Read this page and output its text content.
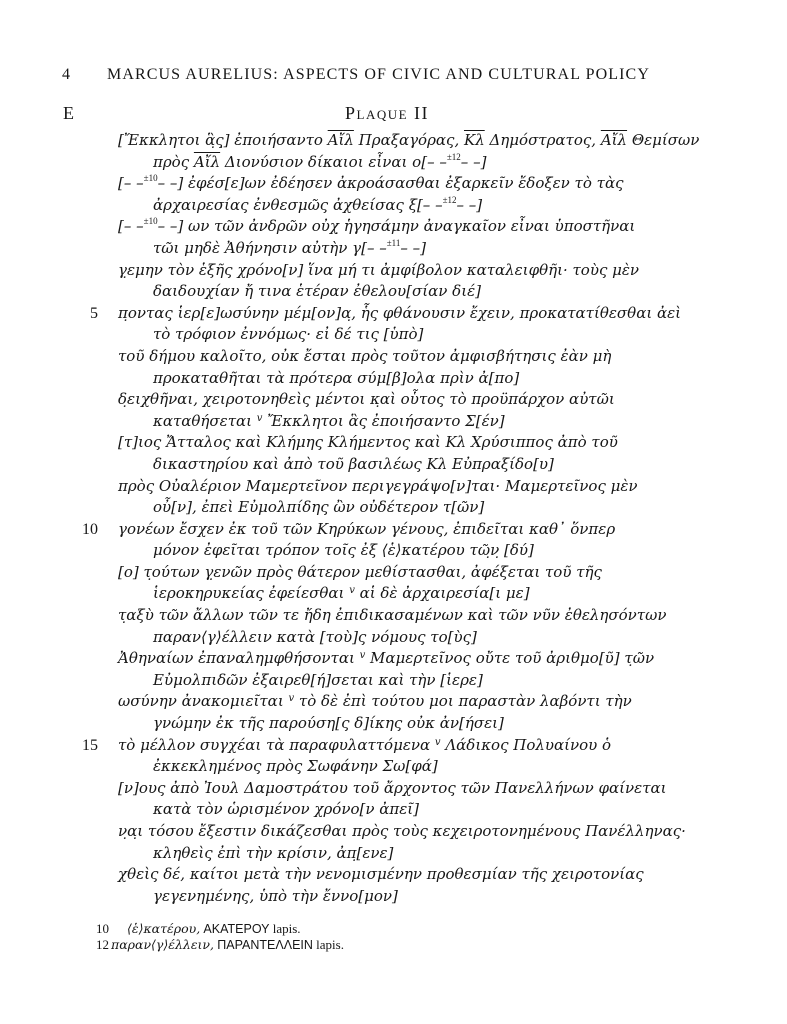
4 MARCUS AURELIUS: ASPECTS OF CIVIC AND CULTURAL POLICY
E	Plaque II
[Ἔκκλητοι ἃ̣ς̣] ἐποιήσαντο $\overline{Aἴ\lambda}$ Πραξαγόρας, $\overline{K\lambda}$ Δημόστρατος, $\overline{Aἴ\lambda}$ Θεμίσων
πρὸς $\overline{Aἴ\lambda}$ Διονύσιον δίκαιοι εἶναι ο[– –$^{\pm 12}$– –]
[– –$^{\pm 10}$– –] ἐφέσ[ε]ων ἐδέησεν ἀκροάσασθαι ἐξαρκεῖν ἔδοξεν τὸ τὰς
ἀρχαιρεσίας ἐνθεσμῶς ἀχθείσας ξ[– –$^{\pm 12}$– –]
[– –$^{\pm 10}$– –] ων τῶν ἀνδρῶν οὐχ̣ ἡγησάμην ἀναγκαῖον εἶναι ὑποστῆναι
τῶι μηδὲ Ἀθήνησιν αὐτὴν γ[– –$^{\pm 11}$– –]
γ̣εμην τὸν ἑξῆς χρόνο[ν] ἵνα μή τι ἀμφίβολον καταλειφθῆι· τοὺς μὲν
δαιδουχίαν ἤ τινα ἑτέραν ἐθελου[σίαν διέ]
5 π̣οντας ἱερ[ε]ωσύνην μέμ[ον]α̣, ἧς φθάνουσιν ἔχειν, προκατατίθεσθαι ἀεὶ
τὸ τρόφιον ἐννόμως· εἰ δέ τις [ὑπὸ]
τοῦ δήμου καλοῖτο, οὐκ ἔσται πρὸς τοῦτον ἀμφισβήτησις ἐὰν μὴ
προκαταθῆται τὰ πρότερα σύμ[β]ολα πρὶν ἀ[πο]
δ̣ειχθῆναι, χειροτονηθεὶς μέντοι κ̣αὶ οὗτος τὸ προϋπάρχον αὐτῶι
καταθήσεται $^v$ Ἔκκλητοι ἃς ἐποιήσαντο Σ[έν]
[τ]ιος Ἄτταλος καὶ Κλήμης Κλήμεντος καὶ Κλ Χρύσιππος ἀπὸ τοῦ
δικαστηρίου καὶ ἀπὸ τοῦ βασιλέως Κλ Εὐπραξίδο[υ]
πρὸς Οὐαλέριον Μαμερτεῖνον περιγεγράψο[ν]ται· Μαμερτεῖνος μὲν
οὖ[ν], ἐπεὶ Εὐμολπίδης ὢν οὐδέτερον τ[ῶν]
10 γονέων ἔσχεν ἐκ τοῦ τῶν Κηρύκων γένους, ἐπιδεῖται καθ᾽ ὅνπερ
μόνον ἐφεῖται τρόπον τοῖς ἐξ ⟨ἑ⟩κατέρου τῶ̣ν̣ [δύ]
[ο] τ̣ούτων γ̣ενῶν πρὸς θάτερον μεθίστασθαι, ἀφέξεται τοῦ τῆς
ἱεροκηρυκείας ἐφείεσθαι $^v$ αἱ δὲ ἀρχαιρεσία[ι με]
τ̣αξὺ τῶν ἄλλων τῶν τε ἤδη ἐπιδικασαμένων καὶ τῶν νῦν ἐθελησόντων
παραν⟨γ⟩έλλειν κατὰ [τοὺ]ς νόμους το[ὺς]
Ἀθηναίων ἐπαναλημφθήσονται $^v$ Μαμερτεῖνος οὔτε τοῦ ἀριθμο[ῦ] τ̣ῶν
Εὐμολπιδῶν ἐξαιρεθ[ή]σεται καὶ τὴν [ἱερε]
ωσύνην ἀνακομιεῖται $^v$ τὸ δὲ ἐπὶ τούτου μοι παραστὰν λαβόντι τὴν
γνώμην ἐκ τῆς παρούση[ς δ]ίκης οὐκ ἀν[ήσει]
15 τὸ μέλλον συγχέαι τὰ παραφυλαττόμενα $^v$ Λάδικος Πολυαίνου ὁ
ἐκκεκλημένος πρὸς Σωφάνην Σω[φά]
[ν]ους ἀπὸ Ἰουλ Δαμοστράτου τοῦ ἄρχοντος τῶν Πανελλήνων φαίνεται
κατὰ τὸν ὡρισμένον χρόνο[ν ἀπεῖ]
ν̣α̣ι τόσου ἔξεστιν δικάζεσθαι πρὸς τοὺς κεχειροτονημένους Πανέλληνας·
κληθεὶς ἐπὶ τὴν κρίσιν, ἀπ̣[ενε]
χθεὶς δέ, καίτοι μετὰ τὴν νενομισμένην προθεσμίαν τῆς χειροτονίας
γεγενημένης, ὑπὸ τὴν ἔννο[μον]
10 ⟨ἑ⟩κατέρου, ΑΚΑΤΕΡΟΥ lapis.
12 παραν⟨γ⟩έλλειν, ΠΑΡΑΝΤΕΛΛΕΙΝ lapis.
